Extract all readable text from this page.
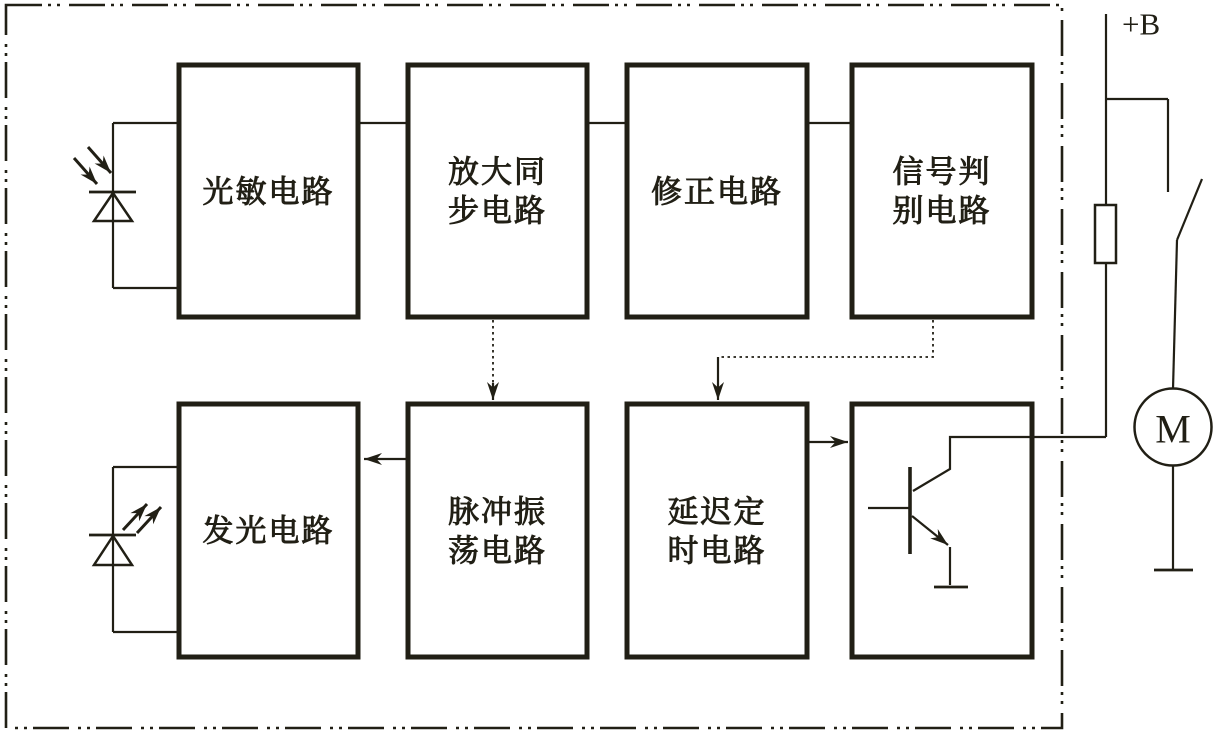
光敏电路
放大同
步电路
修正电路
信号判
别电路
发光电路
脉冲振
荡电路
延迟定
时电路
+B
M
